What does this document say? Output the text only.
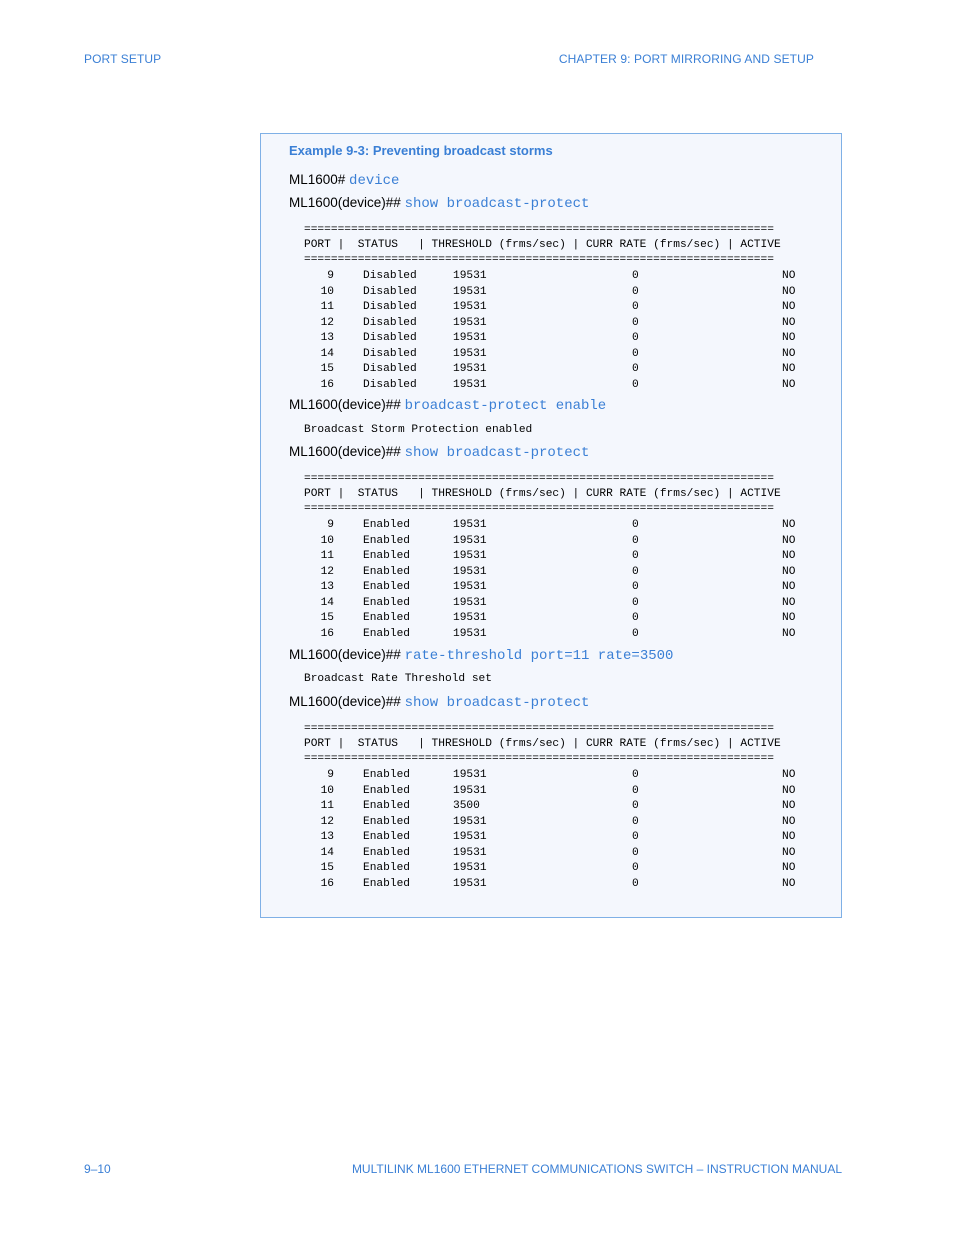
PORT SETUP	CHAPTER 9: PORT MIRRORING AND SETUP
Example 9-3: Preventing broadcast storms
ML1600# device
ML1600(device)## show broadcast-protect
======================================================================
PORT |  STATUS   | THRESHOLD (frms/sec) | CURR RATE (frms/sec) | ACTIVE
======================================================================
9	Disabled	19531	0	NO
10	Disabled	19531	0	NO
11	Disabled	19531	0	NO
12	Disabled	19531	0	NO
13	Disabled	19531	0	NO
14	Disabled	19531	0	NO
15	Disabled	19531	0	NO
16	Disabled	19531	0	NO
ML1600(device)## broadcast-protect enable
Broadcast Storm Protection enabled
ML1600(device)## show broadcast-protect
======================================================================
PORT |  STATUS   | THRESHOLD (frms/sec) | CURR RATE (frms/sec) | ACTIVE
======================================================================
9	Enabled	19531	0	NO
10	Enabled	19531	0	NO
11	Enabled	19531	0	NO
12	Enabled	19531	0	NO
13	Enabled	19531	0	NO
14	Enabled	19531	0	NO
15	Enabled	19531	0	NO
16	Enabled	19531	0	NO
ML1600(device)## rate-threshold port=11 rate=3500
Broadcast Rate Threshold set
ML1600(device)## show broadcast-protect
======================================================================
PORT |  STATUS   | THRESHOLD (frms/sec) | CURR RATE (frms/sec) | ACTIVE
======================================================================
9	Enabled	19531	0	NO
10	Enabled	19531	0	NO
11	Enabled	3500	0	NO
12	Enabled	19531	0	NO
13	Enabled	19531	0	NO
14	Enabled	19531	0	NO
15	Enabled	19531	0	NO
16	Enabled	19531	0	NO
9–10	MULTILINK ML1600 ETHERNET COMMUNICATIONS SWITCH – INSTRUCTION MANUAL
